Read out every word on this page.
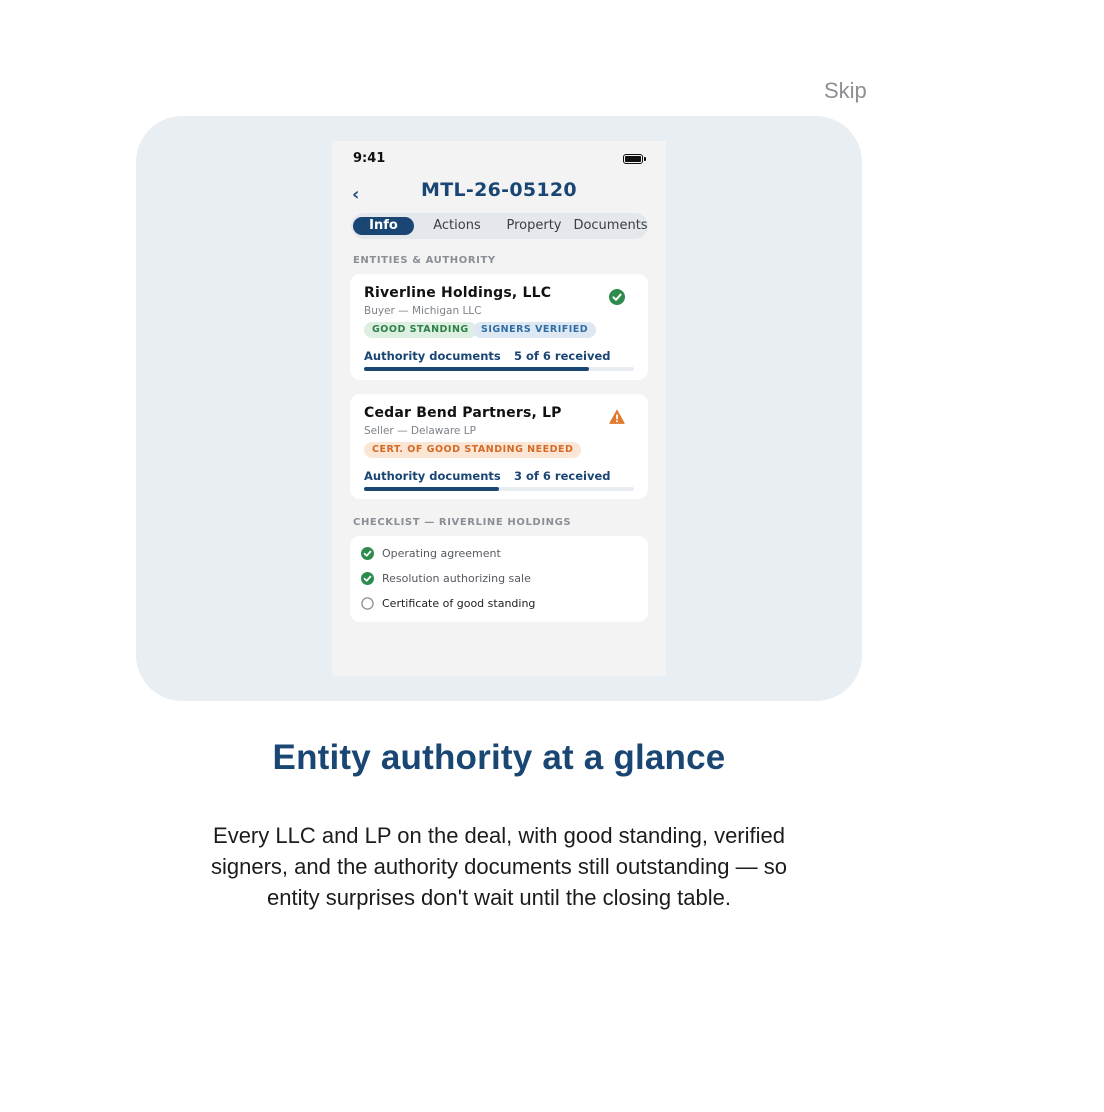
Skip
9:41
‹	MTL-26-05120
Info	Actions	Property Documents
ENTITIES & AUTHORITY
Riverline Holdings, LLC
Buyer — Michigan LLC
GOOD STANDING	SIGNERS VERIFIED
Authority documents 5 of 6 received
Cedar Bend Partners, LP
Seller — Delaware LP
CERT. OF GOOD STANDING NEEDED
Authority documents 3 of 6 received
CHECKLIST — RIVERLINE HOLDINGS
Operating agreement
Resolution authorizing sale
Certificate of good standing
Entity authority at a glance
Every LLC and LP on the deal, with good standing, verified
signers, and the authority documents still outstanding — so
entity surprises don't wait until the closing table.
